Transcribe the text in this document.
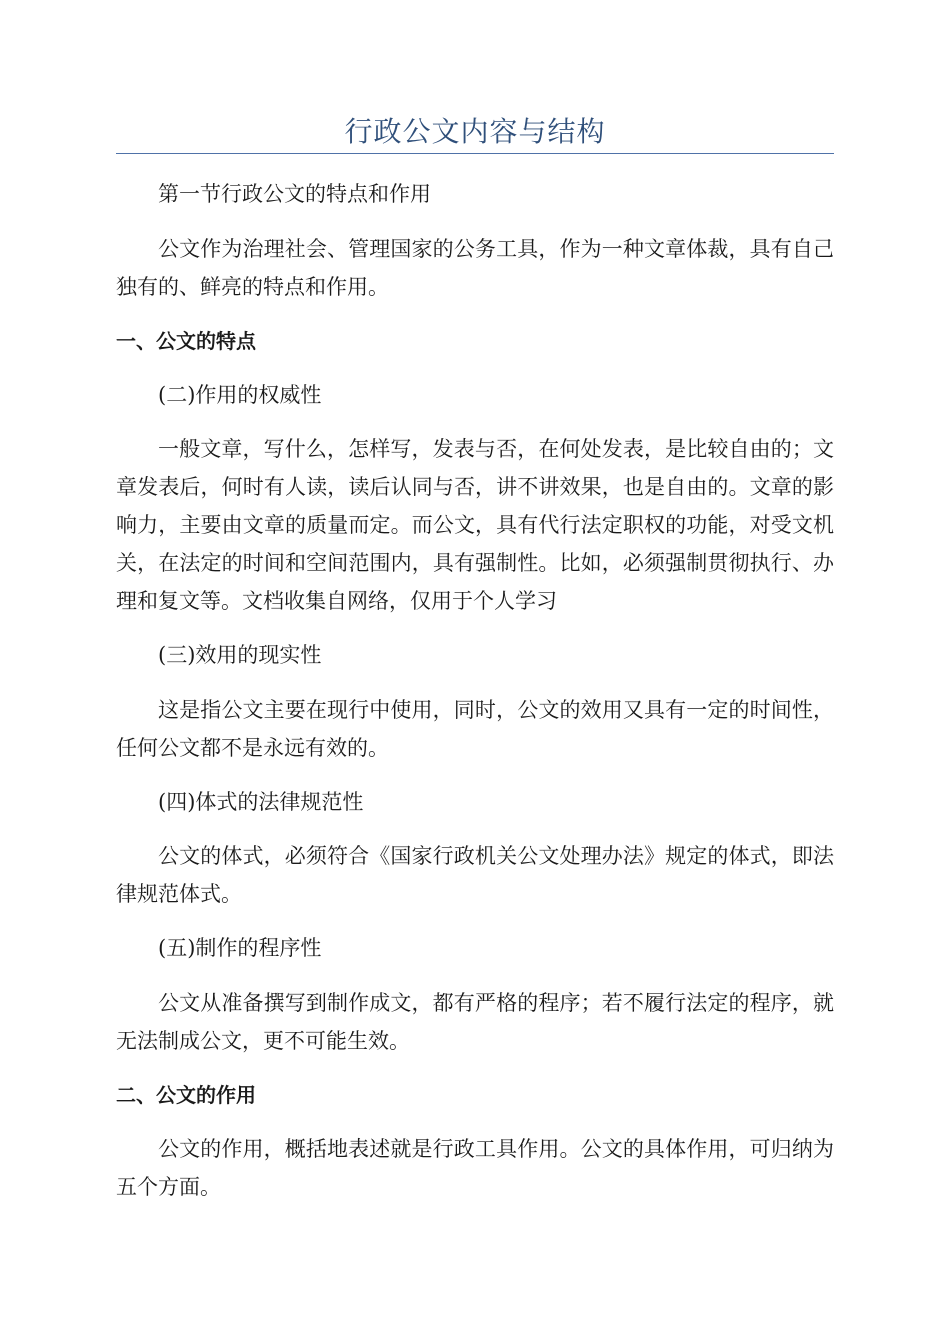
行政公文内容与结构
第一节行政公文的特点和作用
公文作为治理社会、管理国家的公务工具，作为一种文章体裁，具有自己独有的、鲜亮的特点和作用。
一、公文的特点
(二)作用的权威性
一般文章，写什么，怎样写，发表与否，在何处发表，是比较自由的；文章发表后，何时有人读，读后认同与否，讲不讲效果，也是自由的。文章的影响力，主要由文章的质量而定。而公文，具有代行法定职权的功能，对受文机关，在法定的时间和空间范围内，具有强制性。比如，必须强制贯彻执行、办理和复文等。文档收集自网络，仅用于个人学习
(三)效用的现实性
这是指公文主要在现行中使用，同时，公文的效用又具有一定的时间性，任何公文都不是永远有效的。
(四)体式的法律规范性
公文的体式，必须符合《国家行政机关公文处理办法》规定的体式，即法律规范体式。
(五)制作的程序性
公文从准备撰写到制作成文，都有严格的程序；若不履行法定的程序，就无法制成公文，更不可能生效。
二、公文的作用
公文的作用，概括地表述就是行政工具作用。公文的具体作用，可归纳为五个方面。
